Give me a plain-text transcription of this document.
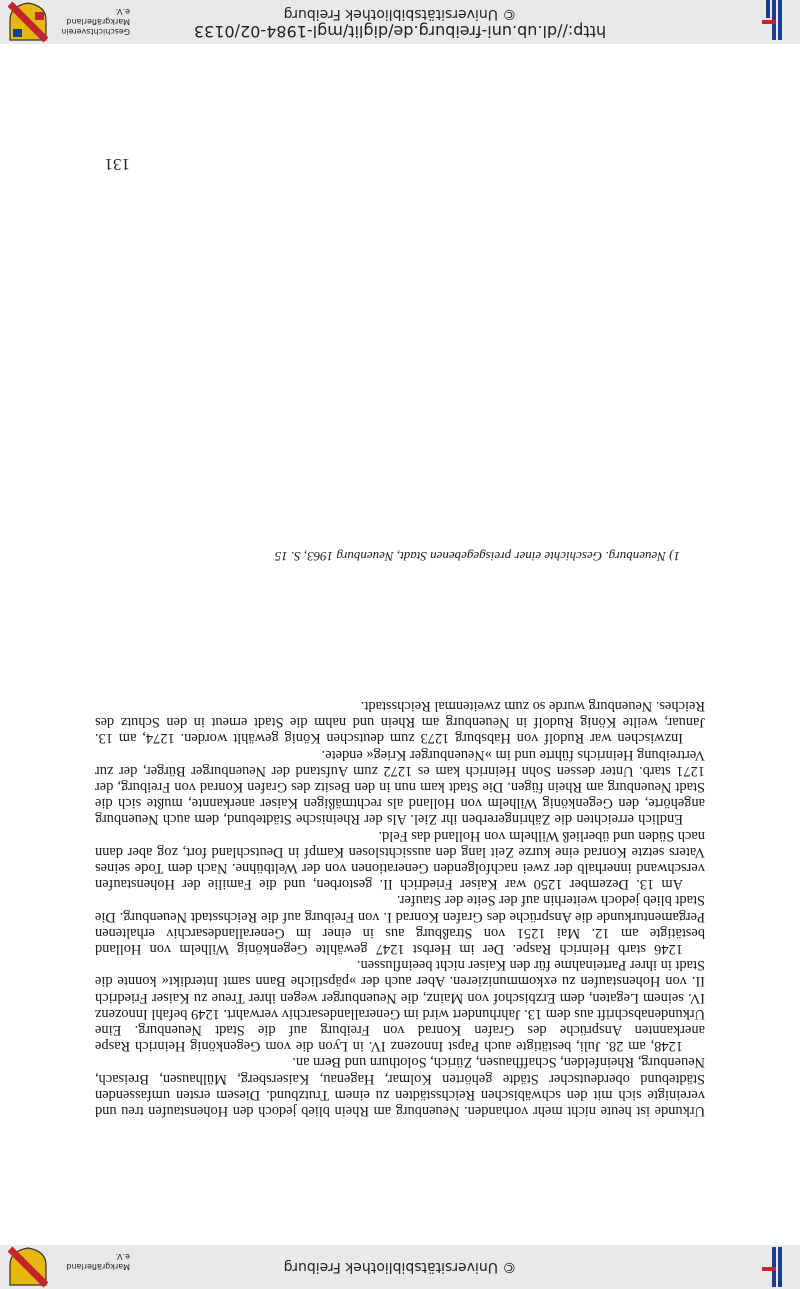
http://dl.ub.uni-freiburg.de/diglit/mgl-1984-02/0133
© Universitätsbibliothek Freiburg
Geschichtsverein
Markgräflerland e.V.
© Universitätsbibliothek Freiburg
Markgräflerland e.V.
131

Urkunde ist heute nicht mehr vorhanden. Neuenburg am Rhein blieb jedoch den Hohenstaufen treu und vereinigte sich mit den schwäbischen Reichsstädten zu einem Trutzbund. Diesem ersten umfassenden Städtebund oberdeutscher Städte gehörten Kolmar, Hagenau, Kaisersberg, Mülhausen, Breisach, Neuenburg, Rheinfelden, Schaffhausen, Zürich, Solothurn und Bern an.

1248, am 28. Juli, bestätigte auch Papst Innozenz IV. in Lyon die vom Gegenkönig Heinrich Raspe anerkannten Ansprüche des Grafen Konrad von Freiburg auf die Stadt Neuenburg. Eine Urkundenabschrift aus dem 13. Jahrhundert wird im Generallandesarchiv verwahrt. 1249 befahl Innozenz IV. seinem Legaten, dem Erzbischof von Mainz, die Neuenburger wegen ihrer Treue zu Kaiser Friedrich II. von Hohenstaufen zu exkommunizieren. Aber auch der »päpstliche Bann samt Interdikt« konnte die Stadt in ihrer Parteinahme für den Kaiser nicht beeinflussen.

1246 starb Heinrich Raspe. Der im Herbst 1247 gewählte Gegenkönig Wilhelm von Holland bestätigte am 12. Mai 1251 von Straßburg aus in einer im Generallandesarchiv erhaltenen Pergamenturkunde die Ansprüche des Grafen Konrad I. von Freiburg auf die Reichsstadt Neuenburg. Die Stadt blieb jedoch weiterhin auf der Seite der Staufer.

Am 13. Dezember 1250 war Kaiser Friedrich II. gestorben, und die Familie der Hohenstaufen verschwand innerhalb der zwei nachfolgenden Generationen von der Weltbühne. Nach dem Tode seines Vaters setzte Konrad eine kurze Zeit lang den aussichtslosen Kampf in Deutschland fort, zog aber dann nach Süden und überließ Wilhelm von Holland das Feld.

Endlich erreichten die Zähringererben ihr Ziel. Als der Rheinische Städtebund, dem auch Neuenburg angehörte, den Gegenkönig Wilhelm von Holland als rechtmäßigen Kaiser anerkannte, mußte sich die Stadt Neuenburg am Rhein fügen. Die Stadt kam nun in den Besitz des Grafen Konrad von Freiburg, der 1271 starb. Unter dessen Sohn Heinrich kam es 1272 zum Aufstand der Neuenburger Bürger, der zur Vertreibung Heinrichs führte und im »Neuenburger Krieg« endete.

Inzwischen war Rudolf von Habsburg 1273 zum deutschen König gewählt worden. 1274, am 13. Januar, weilte König Rudolf in Neuenburg am Rhein und nahm die Stadt erneut in den Schutz des Reiches. Neuenburg wurde so zum zweitenmal Reichsstadt.

1) Neuenburg. Geschichte einer preisgegebenen Stadt, Neuenburg 1963, S. 15
